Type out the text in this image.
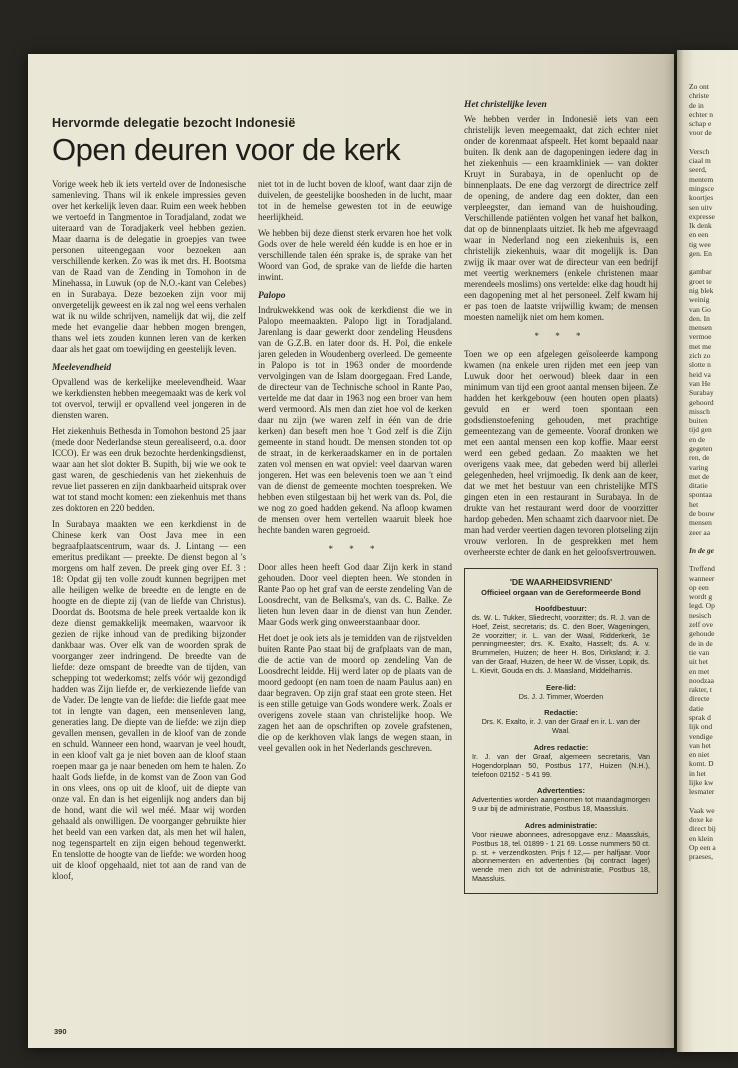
Hervormde delegatie bezocht Indonesië
Open deuren voor de kerk

Vorige week heb ik iets verteld over de Indonesische samenleving. Thans wil ik enkele impressies geven over het kerkelijk leven daar. Ruim een week hebben we vertoefd in Tangmentoe in Toradjaland, zodat we uiteraard van de Toradjakerk veel hebben gezien. Maar daarna is de delegatie in groepjes van twee personen uiteengegaan voor bezoeken aan verschillende kerken. Zo was ik met drs. H. Bootsma van de Raad van de Zending in Tomohon in de Minehassa, in Luwuk (op de N.O.-kant van Celebes) en in Surabaya. Deze bezoeken zijn voor mij onvergetelijk geweest en ik zal nog wel eens verhalen wat ik nu wilde schrijven, namelijk dat wij, die zelf mede het evangelie daar hebben mogen brengen, thans wel iets zouden kunnen leren van de kerken daar als het gaat om toewijding en geestelijk leven.

Meelevendheid

Opvallend was de kerkelijke meelevendheid. Waar we kerkdiensten hebben meegemaakt was de kerk vol tot overvol, terwijl er opvallend veel jongeren in de diensten waren.

Het ziekenhuis Bethesda in Tomohon bestond 25 jaar (mede door Nederlandse steun gerealiseerd, o.a. door ICCO). Er was een druk bezochte herdenkingsdienst, waar aan het slot dokter B. Supith, bij wie we ook te gast waren, de geschiedenis van het ziekenhuis de revue liet passeren en zijn dankbaarheid uitsprak over wat tot stand mocht komen: een ziekenhuis met thans zes doktoren en 220 bedden.

In Surabaya maakten we een kerkdienst in de Chinese kerk van Oost Java mee in een begraafplaatscentrum, waar ds. J. Lintang — een emeritus predikant — preekte. De dienst begon al 's morgens om half zeven. De preek ging over Ef. 3 : 18: Opdat gij ten volle zoudt kunnen begrijpen met alle heiligen welke de breedte en de lengte en de hoogte en de diepte zij (van de liefde van Christus). Doordat ds. Bootsma de hele preek vertaalde kon ik deze dienst gemakkelijk meemaken, waarvoor ik gezien de rijke inhoud van de prediking bijzonder dankbaar was. Over elk van de woorden sprak de voorganger zeer indringend. De breedte van de liefde: deze omspant de breedte van de tijden, van schepping tot wederkomst; zelfs vóór wij gezondigd hadden was Zijn liefde er, de verkiezende liefde van de Vader. De lengte van de liefde: die liefde gaat mee tot in lengte van dagen, een mensenleven lang, generaties lang. De diepte van de liefde: we zijn diep gevallen mensen, gevallen in de kloof van de zonde en schuld. Wanneer een hond, waarvan je veel houdt, in een kloof valt ga je niet boven aan de kloof staan roepen maar ga je naar beneden om hem te halen. Zo haalt Gods liefde, in de komst van de Zoon van God in ons vlees, ons op uit de kloof, uit de diepte van onze val. En dan is het eigenlijk nog anders dan bij de hond, want die wil wel méé. Maar wij worden gehaald als onwilligen. De voorganger gebruikte hier het beeld van een varken dat, als men het wil halen, nog tegenspartelt en zijn eigen behoud tegenwerkt. En tenslotte de hoogte van de liefde: we worden hoog uit de kloof opgehaald, niet tot aan de rand van de kloof,

niet tot in de lucht boven de kloof, want daar zijn de duivelen, de geestelijke boosheden in de lucht, maar tot in de hemelse gewesten tot in de eeuwige heerlijkheid.

We hebben bij deze dienst sterk ervaren hoe het volk Gods over de hele wereld één kudde is en hoe er in verschillende talen één sprake is, de sprake van het Woord van God, de sprake van de liefde die harten inwint.

Palopo

Indrukwekkend was ook de kerkdienst die we in Palopo meemaakten. Palopo ligt in Toradjaland. Jarenlang is daar gewerkt door zendeling Heusdens van de G.Z.B. en later door ds. H. Pol, die enkele jaren geleden in Woudenberg overleed. De gemeente in Palopo is tot in 1963 onder de moordende vervolgingen van de Islam doorgegaan. Fred Lande, de directeur van de Technische school in Rante Pao, vertelde me dat daar in 1963 nog een broer van hem werd vermoord. Als men dan ziet hoe vol de kerken daar nu zijn (we waren zelf in één van de drie kerken) dan beseft men hoe 't God zelf is die Zijn gemeente in stand houdt. De mensen stonden tot op de straat, in de kerkeraadskamer en in de portalen zaten vol mensen en wat opviel: veel daarvan waren jongeren. Het was een belevenis toen we aan 't eind van de dienst de gemeente mochten toespreken. We hebben even stilgestaan bij het werk van ds. Pol, die we nog zo goed hadden gekend. Na afloop kwamen de mensen over hem vertellen waaruit bleek hoe hechte banden waren gegroeid.

* * *

Door alles heen heeft God daar Zijn kerk in stand gehouden. Door veel diepten heen. We stonden in Rante Pao op het graf van de eerste zendeling Van de Loosdrecht, van de Belksma's, van ds. C. Balke. Ze lieten hun leven daar in de dienst van hun Zender. Maar Gods werk ging onweerstaanbaar door.

Het doet je ook iets als je temidden van de rijstvelden buiten Rante Pao staat bij de grafplaats van de man, die de actie van de moord op zendeling Van de Loosdrecht leidde. Hij werd later op de plaats van de moord gedoopt (en nam toen de naam Paulus aan) en daar begraven. Op zijn graf staat een grote steen. Het is een stille getuige van Gods wondere werk. Zoals er overigens zovele staan van christelijke hoop. We zagen het aan de opschriften op zovele grafstenen, die op de kerkhoven vlak langs de wegen staan, in veel gevallen ook in het Nederlands geschreven.

Het christelijke leven

We hebben verder in Indonesië iets van een christelijk leven meegemaakt, dat zich echter niet onder de korenmaat afspeelt. Het komt bepaald naar buiten. Ik denk aan de dagopeningen iedere dag in het ziekenhuis — een kraamkliniek — van dokter Kruyt in Surabaya, in de openlucht op de binnenplaats. De ene dag verzorgt de directrice zelf de opening, de andere dag een dokter, dan een verpleegster, dan iemand van de huishouding. Verschillende patiënten volgen het vanaf het balkon, dat op de binnenplaats uitziet. Ik heb me afgevraagd waar in Nederland nog een ziekenhuis is, een christelijk ziekenhuis, waar dit mogelijk is. Dan zwijg ik maar over wat de directeur van een bedrijf met veertig werknemers (enkele christenen maar merendeels moslims) ons vertelde: elke dag houdt hij een dagopening met al het personeel. Zelf kwam hij er pas toen de laatste vrijwillig kwam; de mensen moesten namelijk niet om hem komen.

* * *

Toen we op een afgelegen geïsoleerde kampong kwamen (na enkele uren rijden met een jeep van Luwuk door het oerwoud) bleek daar in een minimum van tijd een groot aantal mensen bijeen. Ze hadden het kerkgebouw (een houten open plaats) gevuld en er werd toen spontaan een godsdienstoefening gehouden, met prachtige gemeentezang van de gemeente. Vooraf dronken we met een aantal mensen een kop koffie. Maar eerst werd een gebed gedaan. Zo maakten we het overigens vaak mee, dat gebeden werd bij allerlei gelegenheden, heel vrijmoedig. Ik denk aan de keer, dat we met het bestuur van een christelijke MTS gingen eten in een restaurant in Surabaya. In de drukte van het restaurant werd door de voorzitter hardop gebeden. Men schaamt zich daarvoor niet. De man had verder veertien dagen tevoren plotseling zijn vrouw verloren. In de gesprekken met hem overheerste echter de dank en het geloofsvertrouwen.

'DE WAARHEIDSVRIEND'
Officieel orgaan van de Gereformeerde Bond
Hoofdbestuur:

ds. W. L. Tukker, Sliedrecht, voorzitter; ds. R. J. van de Hoef, Zeist, secretaris; ds. C. den Boer, Wageningen, 2e voorzitter; ir. L. van der Waal, Ridderkerk, 1e penningmeester; drs. K. Exalto, Hasselt; ds. A. v. Brummelen, Huizen; de heer H. Bos, Dirksland; ir. J. van der Graaf, Huizen, de heer W. de Visser, Lopik, ds. L. Kievit, Gouda en ds. J. Maasland, Middelharnis.

Eere-lid:

Ds. J. J. Timmer, Woerden

Redactie:

Drs. K. Exalto, ir. J. van der Graaf en ir. L. van der Waal.

Adres redactie:

Ir. J. van der Graaf, algemeen secretaris, Van Hogendorplaan 50, Postbus 177, Huizen (N.H.), telefoon 02152 - 5 41 99.

Advertenties:

Advertenties worden aangenomen tot maandagmorgen 9 uur bij de administratie, Postbus 18, Maassluis.

Adres administratie:

Voor nieuwe abonnees, adresopgave enz.: Maassluis, Postbus 18, tel. 01899 - 1 21 69. Losse nummers 50 ct. p. st. + verzendkosten. Prijs f 12,— per halfjaar. Voor abonnementen en advertenties (bij contract lager) wende men zich tot de administratie, Postbus 18, Maassluis.

390
Zo ont
christe
de in
echter n
schap e
voor de
Versch
ciaal m
seerd,
mentem
mingsce
koortjes
sen uitv
expresse
Ik denk
en een
tig wee
gen. En
gambar
groet te
nig blek
weinig
van Go
den. In
mensen
vermoe
met me
zich zo
slotte n
heid va
van He
Surabay
gehoord
missch
buiten
tijd gen
en de
gegeten
ren, de
varing
met de
ditatie
spontaa
het
de bouw
mensen
zeer aa
In de ge
Treffend
wanneer
op een
wordt g
legd. Op
nesisch
zelf ove
gehoude
de in de
tie van
uit het
en met
noodzaa
rakter, t
directe
datie
sprak d
lijk ond
vendige
van het
en niet
komt. D
in het
lijke kw
lesmater
Vaak we
doxe ke
direct bij
en klein
Op een a
praeses,
